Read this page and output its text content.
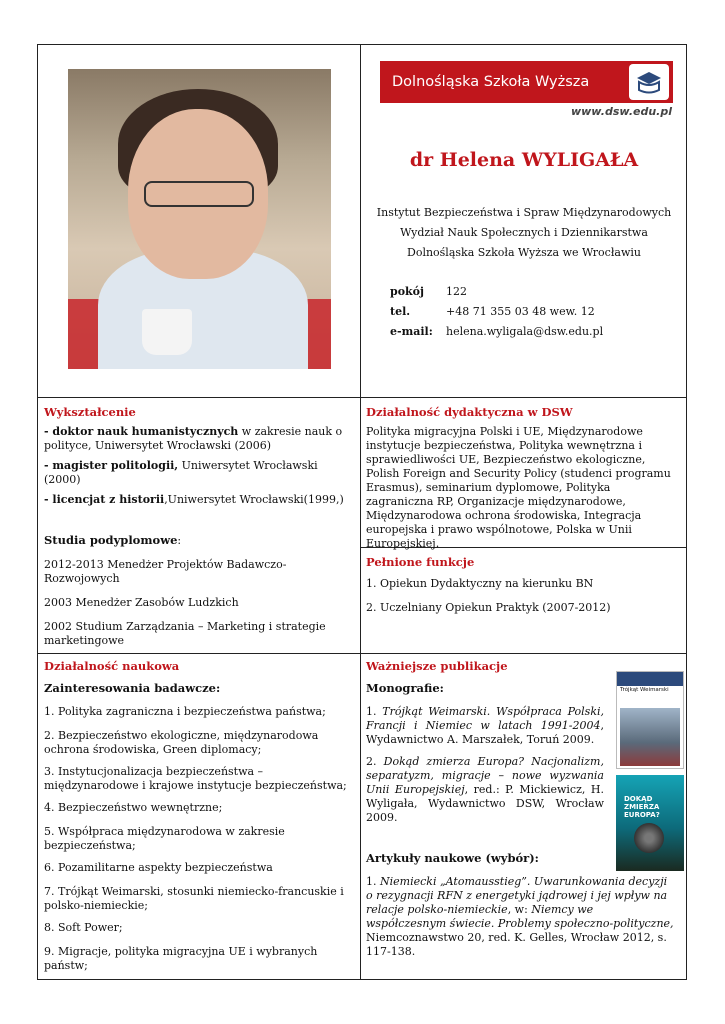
Dolnośląska Szkoła Wyższa
www.dsw.edu.pl
dr Helena WYLIGAŁA
Instytut Bezpieczeństwa i Spraw Międzynarodowych
Wydział Nauk Społecznych i Dziennikarstwa
Dolnośląska Szkoła Wyższa we Wrocławiu
pokój	122
tel.	+48 71 355 03 48 wew. 12
e-mail:	helena.wyligala@dsw.edu.pl
Wykształcenie

- doktor nauk humanistycznych w zakresie nauk o polityce, Uniwersytet Wrocławski (2006)

- magister politologii, Uniwersytet Wrocławski (2000)

- licencjat z historii,Uniwersytet Wrocławski(1999,)

Studia podyplomowe:

2012-2013 Menedżer Projektów Badawczo-Rozwojowych

2003 Menedżer Zasobów Ludzkich

2002 Studium Zarządzania – Marketing i strategie marketingowe

Działalność dydaktyczna w DSW

Polityka migracyjna Polski i UE, Międzynarodowe instytucje bezpieczeństwa, Polityka wewnętrzna i sprawiedliwości UE, Bezpieczeństwo ekologiczne, Polish Foreign and Security Policy (studenci programu Erasmus), seminarium dyplomowe, Polityka zagraniczna RP, Organizacje międzynarodowe, Międzynarodowa ochrona środowiska, Integracja europejska i prawo wspólnotowe, Polska w Unii Europejskiej.

Pełnione funkcje

1. Opiekun Dydaktyczny na kierunku BN

2. Uczelniany Opiekun Praktyk (2007-2012)

Działalność naukowa

Zainteresowania badawcze:

1. Polityka zagraniczna i bezpieczeństwa państwa;

2. Bezpieczeństwo ekologiczne, międzynarodowa ochrona środowiska, Green diplomacy;

3. Instytucjonalizacja bezpieczeństwa – międzynarodowe i krajowe instytucje bezpieczeństwa;

4. Bezpieczeństwo wewnętrzne;

5. Współpraca międzynarodowa w zakresie bezpieczeństwa;

6. Pozamilitarne aspekty bezpieczeństwa

7. Trójkąt Weimarski, stosunki niemiecko-francuskie i polsko-niemieckie;

8. Soft Power;

9. Migracje, polityka migracyjna UE i wybranych państw;

Ważniejsze publikacje

Monografie:

1. Trójkąt Weimarski. Współpraca Polski, Francji i Niemiec w latach 1991-2004, Wydawnictwo A. Marszałek, Toruń 2009.

2. Dokąd zmierza Europa? Nacjonalizm, separatyzm, migracje – nowe wyzwania Unii Europejskiej, red.: P. Mickiewicz, H. Wyligała, Wydawnictwo DSW, Wrocław 2009.

Artykuły naukowe (wybór):

1. Niemiecki „Atomausstieg”. Uwarunkowania decyzji o rezygnacji RFN z energetyki jądrowej i jej wpływ na relacje polsko-niemieckie, w: Niemcy we współczesnym świecie. Problemy społeczno-polityczne, Niemcoznawstwo 20, red. K. Gelles, Wrocław 2012, s. 117-138.

Trójkąt Weimarski
DOKĄD ZMIERZA EUROPA?
